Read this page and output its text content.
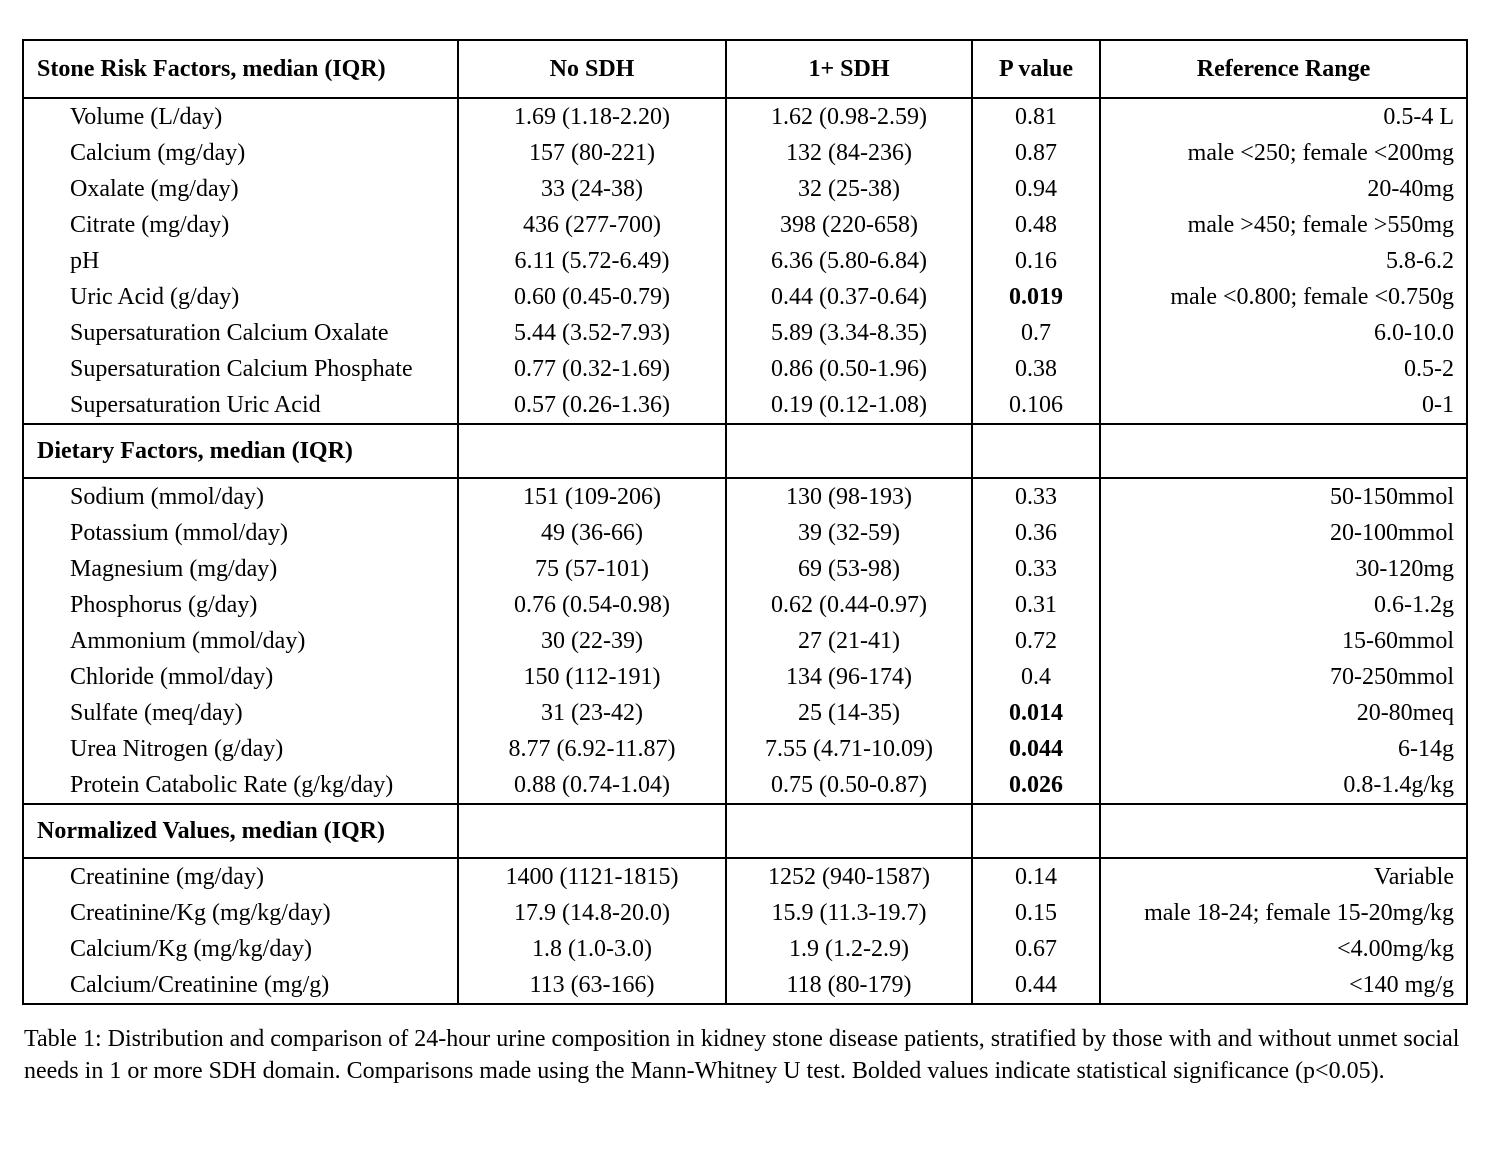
Stone Risk Factors, median (IQR)	No SDH	1+ SDH	P value	Reference Range
Volume (L/day)	1.69 (1.18-2.20)	1.62 (0.98-2.59)	0.81	0.5-4 L
Calcium (mg/day)	157 (80-221)	132 (84-236)	0.87	male <250; female <200mg
Oxalate (mg/day)	33 (24-38)	32 (25-38)	0.94	20-40mg
Citrate (mg/day)	436 (277-700)	398 (220-658)	0.48	male >450; female >550mg
pH	6.11 (5.72-6.49)	6.36 (5.80-6.84)	0.16	5.8-6.2
Uric Acid (g/day)	0.60 (0.45-0.79)	0.44 (0.37-0.64)	0.019	male <0.800; female <0.750g
Supersaturation Calcium Oxalate	5.44 (3.52-7.93)	5.89 (3.34-8.35)	0.7	6.0-10.0
Supersaturation Calcium Phosphate	0.77 (0.32-1.69)	0.86 (0.50-1.96)	0.38	0.5-2
Supersaturation Uric Acid	0.57 (0.26-1.36)	0.19 (0.12-1.08)	0.106	0-1
Dietary Factors, median (IQR)				
Sodium (mmol/day)	151 (109-206)	130 (98-193)	0.33	50-150mmol
Potassium (mmol/day)	49 (36-66)	39 (32-59)	0.36	20-100mmol
Magnesium (mg/day)	75 (57-101)	69 (53-98)	0.33	30-120mg
Phosphorus (g/day)	0.76 (0.54-0.98)	0.62 (0.44-0.97)	0.31	0.6-1.2g
Ammonium (mmol/day)	30 (22-39)	27 (21-41)	0.72	15-60mmol
Chloride (mmol/day)	150 (112-191)	134 (96-174)	0.4	70-250mmol
Sulfate (meq/day)	31 (23-42)	25 (14-35)	0.014	20-80meq
Urea Nitrogen (g/day)	8.77 (6.92-11.87)	7.55 (4.71-10.09)	0.044	6-14g
Protein Catabolic Rate (g/kg/day)	0.88 (0.74-1.04)	0.75 (0.50-0.87)	0.026	0.8-1.4g/kg
Normalized Values, median (IQR)				
Creatinine (mg/day)	1400 (1121-1815)	1252 (940-1587)	0.14	Variable
Creatinine/Kg (mg/kg/day)	17.9 (14.8-20.0)	15.9 (11.3-19.7)	0.15	male 18-24; female 15-20mg/kg
Calcium/Kg (mg/kg/day)	1.8 (1.0-3.0)	1.9 (1.2-2.9)	0.67	<4.00mg/kg
Calcium/Creatinine (mg/g)	113 (63-166)	118 (80-179)	0.44	<140 mg/g

Table 1: Distribution and comparison of 24-hour urine composition in kidney stone disease patients, stratified by those with and without unmet social needs in 1 or more SDH domain. Comparisons made using the Mann-Whitney U test. Bolded values indicate statistical significance (p<0.05).
